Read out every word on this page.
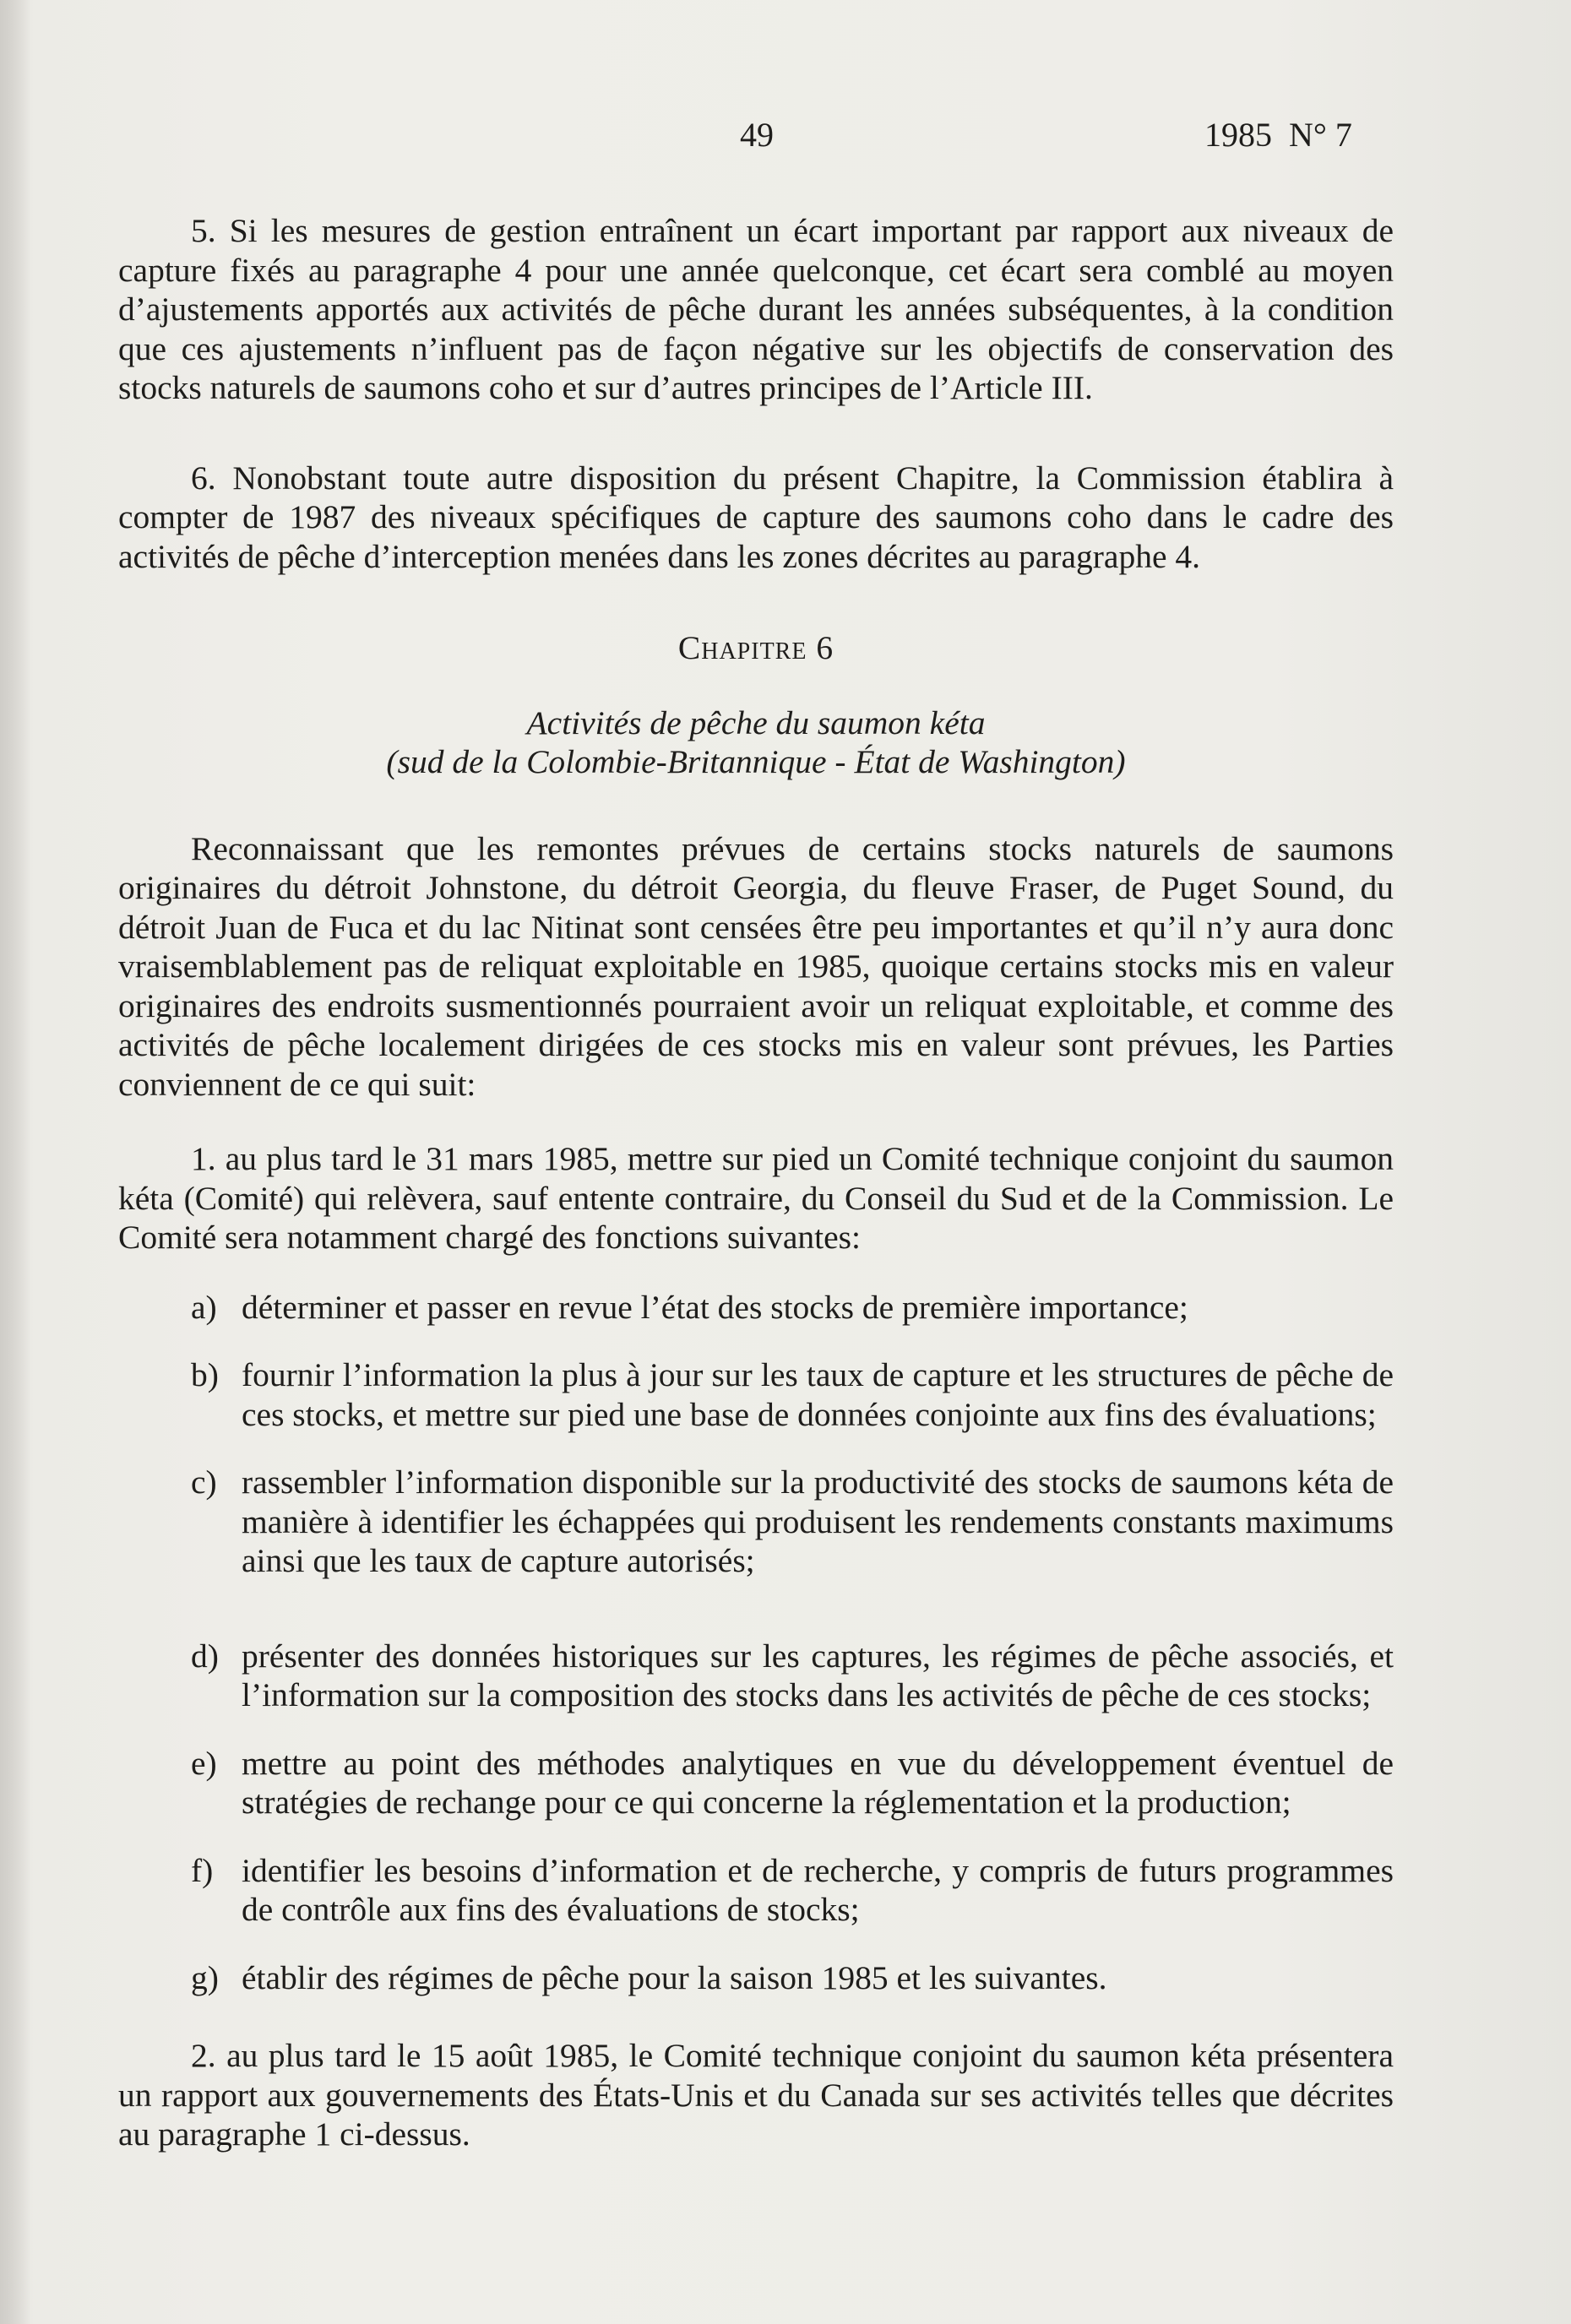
49	1985  N° 7

5. Si les mesures de gestion entraînent un écart important par rapport aux niveaux de capture fixés au paragraphe 4 pour une année quelconque, cet écart sera comblé au moyen d’ajustements apportés aux activités de pêche durant les années subséquentes, à la condition que ces ajustements n’influent pas de façon négative sur les objectifs de conservation des stocks naturels de saumons coho et sur d’autres principes de l’Article III.

6. Nonobstant toute autre disposition du présent Chapitre, la Commission établira à compter de 1987 des niveaux spécifiques de capture des saumons coho dans le cadre des activités de pêche d’interception menées dans les zones décrites au paragraphe 4.

Chapitre 6

Activités de pêche du saumon kéta
(sud de la Colombie-Britannique - État de Washington)

Reconnaissant que les remontes prévues de certains stocks naturels de saumons originaires du détroit Johnstone, du détroit Georgia, du fleuve Fraser, de Puget Sound, du détroit Juan de Fuca et du lac Nitinat sont censées être peu importantes et qu’il n’y aura donc vraisemblablement pas de reliquat exploitable en 1985, quoique certains stocks mis en valeur originaires des endroits susmentionnés pourraient avoir un reliquat exploitable, et comme des activités de pêche localement dirigées de ces stocks mis en valeur sont prévues, les Parties conviennent de ce qui suit:

1. au plus tard le 31 mars 1985, mettre sur pied un Comité technique conjoint du saumon kéta (Comité) qui relèvera, sauf entente contraire, du Conseil du Sud et de la Commission. Le Comité sera notamment chargé des fonctions suivantes:

a) déterminer et passer en revue l’état des stocks de première importance;
b) fournir l’information la plus à jour sur les taux de capture et les structures de pêche de ces stocks, et mettre sur pied une base de données conjointe aux fins des évaluations;
c) rassembler l’information disponible sur la productivité des stocks de saumons kéta de manière à identifier les échappées qui produisent les rendements constants maximums ainsi que les taux de capture autorisés;
d) présenter des données historiques sur les captures, les régimes de pêche associés, et l’information sur la composition des stocks dans les activités de pêche de ces stocks;
e) mettre au point des méthodes analytiques en vue du développement éventuel de stratégies de rechange pour ce qui concerne la réglementation et la production;
f) identifier les besoins d’information et de recherche, y compris de futurs programmes de contrôle aux fins des évaluations de stocks;
g) établir des régimes de pêche pour la saison 1985 et les suivantes.

2. au plus tard le 15 août 1985, le Comité technique conjoint du saumon kéta présentera un rapport aux gouvernements des États-Unis et du Canada sur ses activités telles que décrites au paragraphe 1 ci-dessus.
